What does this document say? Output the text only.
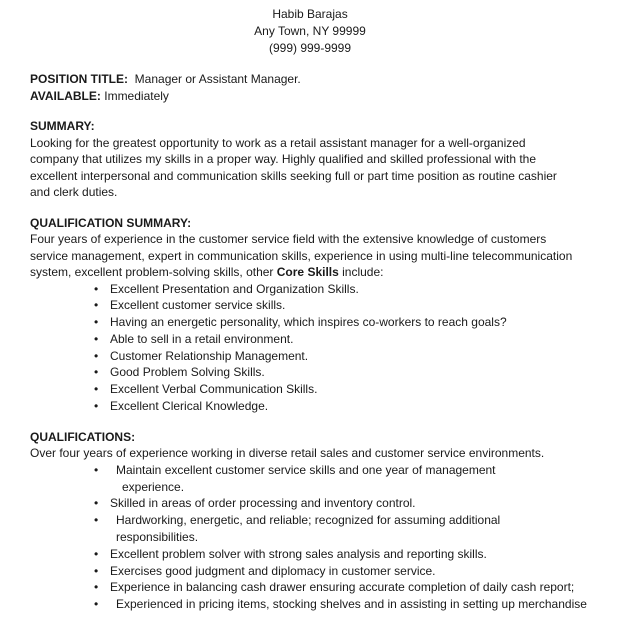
Habib Barajas
Any Town, NY 99999
(999) 999-9999
POSITION TITLE: Manager or Assistant Manager.
AVAILABLE: Immediately
SUMMARY:
Looking for the greatest opportunity to work as a retail assistant manager for a well-organized
company that utilizes my skills in a proper way. Highly qualified and skilled professional with the
excellent interpersonal and communication skills seeking full or part time position as routine cashier
and clerk duties.
QUALIFICATION SUMMARY:
Four years of experience in the customer service field with the extensive knowledge of customers
service management, expert in communication skills, experience in using multi-line telecommunication
system, excellent problem-solving skills, other Core Skills include:
• Excellent Presentation and Organization Skills.
• Excellent customer service skills.
• Having an energetic personality, which inspires co-workers to reach goals?
• Able to sell in a retail environment.
• Customer Relationship Management.
• Good Problem Solving Skills.
• Excellent Verbal Communication Skills.
• Excellent Clerical Knowledge.
QUALIFICATIONS:
Over four years of experience working in diverse retail sales and customer service environments.
• Maintain excellent customer service skills and one year of management
experience.
• Skilled in areas of order processing and inventory control.
• Hardworking, energetic, and reliable; recognized for assuming additional
responsibilities.
• Excellent problem solver with strong sales analysis and reporting skills.
• Exercises good judgment and diplomacy in customer service.
• Experience in balancing cash drawer ensuring accurate completion of daily cash report;
• Experienced in pricing items, stocking shelves and in assisting in setting up merchandise
